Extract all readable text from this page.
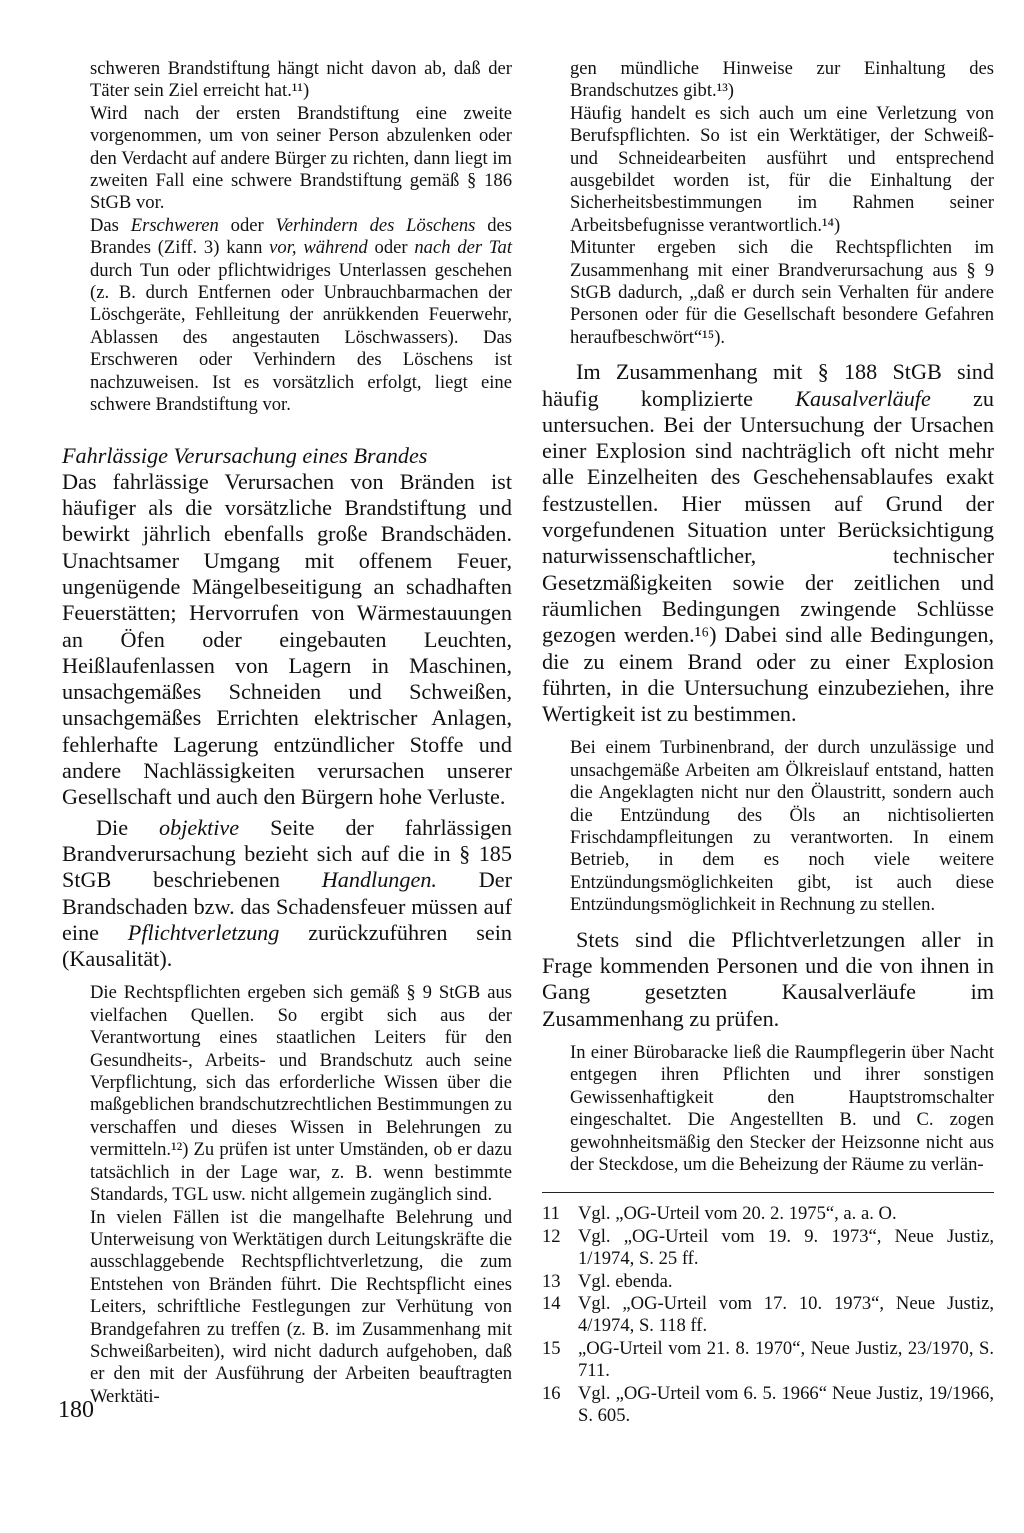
schweren Brandstiftung hängt nicht davon ab, daß der Täter sein Ziel erreicht hat.¹¹)

Wird nach der ersten Brandstiftung eine zweite vorgenommen, um von seiner Person abzulenken oder den Verdacht auf andere Bürger zu richten, dann liegt im zweiten Fall eine schwere Brandstiftung gemäß § 186 StGB vor.

Das Erschweren oder Verhindern des Löschens des Brandes (Ziff. 3) kann vor, während oder nach der Tat durch Tun oder pflichtwidriges Unterlassen geschehen (z. B. durch Entfernen oder Unbrauchbarmachen der Löschgeräte, Fehlleitung der anrükkenden Feuerwehr, Ablassen des angestauten Löschwassers). Das Erschweren oder Verhindern des Löschens ist nachzuweisen. Ist es vorsätzlich erfolgt, liegt eine schwere Brandstiftung vor.

Fahrlässige Verursachung eines Brandes

Das fahrlässige Verursachen von Bränden ist häufiger als die vorsätzliche Brandstiftung und bewirkt jährlich ebenfalls große Brandschäden. Unachtsamer Umgang mit offenem Feuer, ungenügende Mängelbeseitigung an schadhaften Feuerstätten; Hervorrufen von Wärmestauungen an Öfen oder eingebauten Leuchten, Heißlaufenlassen von Lagern in Maschinen, unsachgemäßes Schneiden und Schweißen, unsachgemäßes Errichten elektrischer Anlagen, fehlerhafte Lagerung entzündlicher Stoffe und andere Nachlässigkeiten verursachen unserer Gesellschaft und auch den Bürgern hohe Verluste.

Die objektive Seite der fahrlässigen Brandverursachung bezieht sich auf die in § 185 StGB beschriebenen Handlungen. Der Brandschaden bzw. das Schadensfeuer müssen auf eine Pflichtverletzung zurückzuführen sein (Kausalität).

Die Rechtspflichten ergeben sich gemäß § 9 StGB aus vielfachen Quellen. So ergibt sich aus der Verantwortung eines staatlichen Leiters für den Gesundheits-, Arbeits- und Brandschutz auch seine Verpflichtung, sich das erforderliche Wissen über die maßgeblichen brandschutzrechtlichen Bestimmungen zu verschaffen und dieses Wissen in Belehrungen zu vermitteln.¹²) Zu prüfen ist unter Umständen, ob er dazu tatsächlich in der Lage war, z. B. wenn bestimmte Standards, TGL usw. nicht allgemein zugänglich sind.

In vielen Fällen ist die mangelhafte Belehrung und Unterweisung von Werktätigen durch Leitungskräfte die ausschlaggebende Rechtspflichtverletzung, die zum Entstehen von Bränden führt. Die Rechtspflicht eines Leiters, schriftliche Festlegungen zur Verhütung von Brandgefahren zu treffen (z. B. im Zusammenhang mit Schweißarbeiten), wird nicht dadurch aufgehoben, daß er den mit der Ausführung der Arbeiten beauftragten Werktäti-

gen mündliche Hinweise zur Einhaltung des Brandschutzes gibt.¹³)

Häufig handelt es sich auch um eine Verletzung von Berufspflichten. So ist ein Werktätiger, der Schweiß- und Schneidearbeiten ausführt und entsprechend ausgebildet worden ist, für die Einhaltung der Sicherheitsbestimmungen im Rahmen seiner Arbeitsbefugnisse verantwortlich.¹⁴)

Mitunter ergeben sich die Rechtspflichten im Zusammenhang mit einer Brandverursachung aus § 9 StGB dadurch, „daß er durch sein Verhalten für andere Personen oder für die Gesellschaft besondere Gefahren heraufbeschwört“¹⁵).

Im Zusammenhang mit § 188 StGB sind häufig komplizierte Kausalverläufe zu untersuchen. Bei der Untersuchung der Ursachen einer Explosion sind nachträglich oft nicht mehr alle Einzelheiten des Geschehensablaufes exakt festzustellen. Hier müssen auf Grund der vorgefundenen Situation unter Berücksichtigung naturwissenschaftlicher, technischer Gesetzmäßigkeiten sowie der zeitlichen und räumlichen Bedingungen zwingende Schlüsse gezogen werden.¹⁶) Dabei sind alle Bedingungen, die zu einem Brand oder zu einer Explosion führten, in die Untersuchung einzubeziehen, ihre Wertigkeit ist zu bestimmen.

Bei einem Turbinenbrand, der durch unzulässige und unsachgemäße Arbeiten am Ölkreislauf entstand, hatten die Angeklagten nicht nur den Ölaustritt, sondern auch die Entzündung des Öls an nichtisolierten Frischdampfleitungen zu verantworten. In einem Betrieb, in dem es noch viele weitere Entzündungsmöglichkeiten gibt, ist auch diese Entzündungsmöglichkeit in Rechnung zu stellen.

Stets sind die Pflichtverletzungen aller in Frage kommenden Personen und die von ihnen in Gang gesetzten Kausalverläufe im Zusammenhang zu prüfen.

In einer Bürobaracke ließ die Raumpflegerin über Nacht entgegen ihren Pflichten und ihrer sonstigen Gewissenhaftigkeit den Hauptstromschalter eingeschaltet. Die Angestellten B. und C. zogen gewohnheitsmäßig den Stecker der Heizsonne nicht aus der Steckdose, um die Beheizung der Räume zu verlän-

11 Vgl. „OG-Urteil vom 20. 2. 1975“, a. a. O.
12 Vgl. „OG-Urteil vom 19. 9. 1973“, Neue Justiz, 1/1974, S. 25 ff.
13 Vgl. ebenda.
14 Vgl. „OG-Urteil vom 17. 10. 1973“, Neue Justiz, 4/1974, S. 118 ff.
15 „OG-Urteil vom 21. 8. 1970“, Neue Justiz, 23/1970, S. 711.
16 Vgl. „OG-Urteil vom 6. 5. 1966“ Neue Justiz, 19/1966, S. 605.
180
